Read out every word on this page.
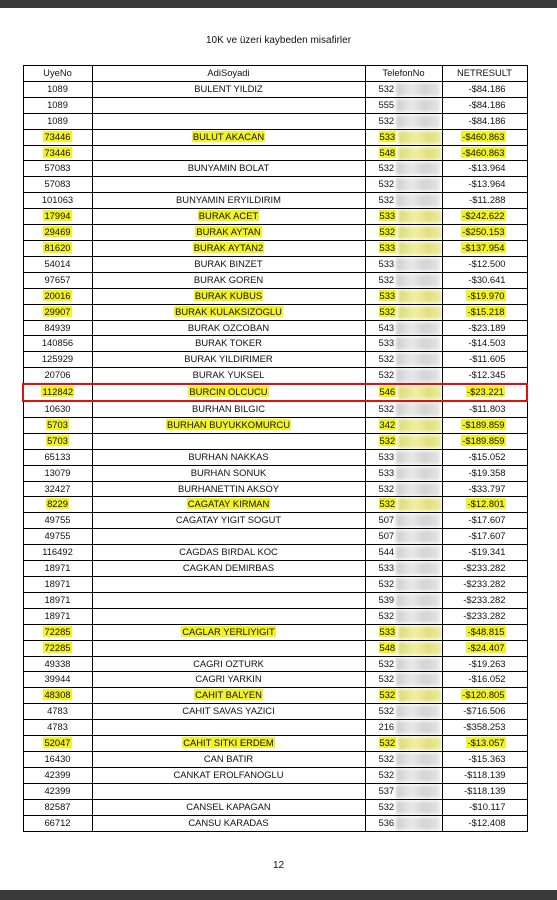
10K ve üzeri kaybeden misafirler
UyeNo	AdiSoyadi	TelefonNo	NETRESULT
1089	BULENT YILDIZ	532	-$84.186
1089		555	-$84.186
1089		532	-$84.186
73446	BULUT AKACAN	533	-$460.863
73446		548	-$460.863
57083	BUNYAMIN BOLAT	532	-$13.964
57083		532	-$13.964
101063	BUNYAMIN ERYILDIRIM	532	-$11.288
17994	BURAK ACET	533	-$242.622
29469	BURAK AYTAN	532	-$250.153
81620	BURAK AYTAN2	533	-$137.954
54014	BURAK BINZET	533	-$12.500
97657	BURAK GOREN	532	-$30.641
20016	BURAK KUBUS	533	-$19.970
29907	BURAK KULAKSIZOGLU	532	-$15.218
84939	BURAK OZCOBAN	543	-$23.189
140856	BURAK TOKER	533	-$14.503
125929	BURAK YILDIRIMER	532	-$11.605
20706	BURAK YUKSEL	532	-$12.345
112842	BURCIN OLCUCU	546	-$23.221
10630	BURHAN BILGIC	532	-$11.803
5703	BURHAN BUYUKKOMURCU	342	-$189.859
5703		532	-$189.859
65133	BURHAN NAKKAS	533	-$15.052
13079	BURHAN SONUK	533	-$19.358
32427	BURHANETTIN AKSOY	532	-$33.797
8229	CAGATAY KIRMAN	532	-$12.801
49755	CAGATAY YIGIT SOGUT	507	-$17.607
49755		507	-$17.607
116492	CAGDAS BIRDAL KOC	544	-$19.341
18971	CAGKAN DEMIRBAS	533	-$233.282
18971		532	-$233.282
18971		539	-$233.282
18971		532	-$233.282
72285	CAGLAR YERLIYIGIT	533	-$48.815
72285		548	-$24.407
49338	CAGRI OZTURK	532	-$19.263
39944	CAGRI YARKIN	532	-$16.052
48308	CAHIT BALYEN	532	-$120.805
4783	CAHIT SAVAS YAZICI	532	-$716.506
4783		216	-$358.253
52047	CAHIT SITKI ERDEM	532	-$13.057
16430	CAN BATIR	532	-$15.363
42399	CANKAT EROLFANOGLU	532	-$118.139
42399		537	-$118.139
82587	CANSEL KAPAGAN	532	-$10.117
66712	CANSU KARADAS	536	-$12.408
12
